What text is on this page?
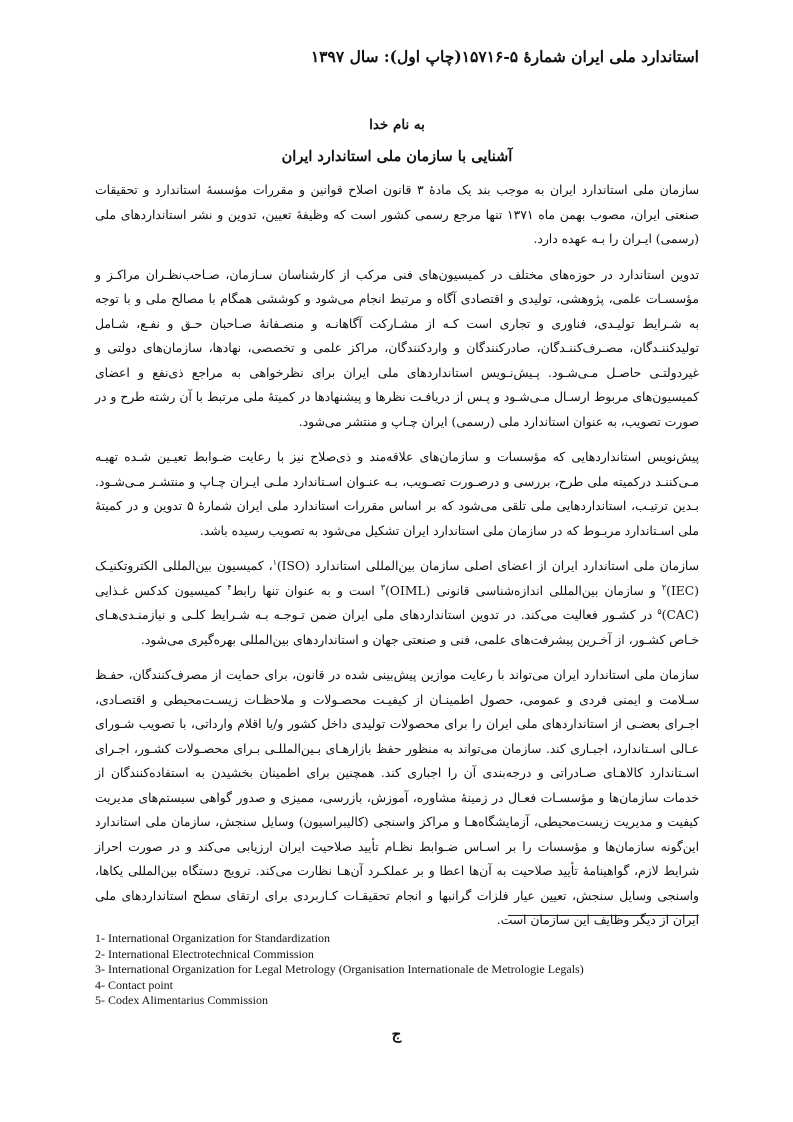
استاندارد ملی ایران شمارۀ ۵-۱۵۷۱۶(چاپ اول): سال ۱۳۹۷
به نام خدا
آشنایی با سازمان ملی استاندارد ایران

سازمان ملی استاندارد ایران به موجب بند یک مادۀ ۳ قانون اصلاح قوانین و مقررات مؤسسۀ استاندارد و تحقیقات صنعتی ایران، مصوب بهمن ماه ۱۳۷۱ تنها مرجع رسمی کشور است که وظیفۀ تعیین، تدوین و نشر استانداردهای ملی (رسمی) ایـران را بـه عهده دارد.

تدوین استاندارد در حوزه‌های مختلف در کمیسیون‌های فنی مرکب از کارشناسان سـازمان، صـاحب‌نظـران مراکـز و مؤسسـات علمی، پژوهشی، تولیدی و اقتصادی آگاه و مرتبط انجام می‌شود و کوششی همگام با مصالح ملی و با توجه به شـرایط تولیـدی، فناوری و تجاری است کـه از مشـارکت آگاهانـه و منصـفانۀ صـاحبان حـق و نفـع، شـامل تولیدکننـدگان، مصـرف‌کننـدگان، صادرکنندگان و واردکنندگان، مراکز علمی و تخصصی، نهادها، سازمان‌های دولتی و غیردولتـی حاصـل مـی‌شـود. پـیش‌نـویس استانداردهای ملی ایران برای نظرخواهی به مراجع ذی‌نفع و اعضای کمیسیون‌های مربوط ارسـال مـی‌شـود و پـس از دریافـت نظرها و پیشنهادها در کمیتۀ ملی مرتبط با آن رشته طرح و در صورت تصویب، به عنوان استاندارد ملی (رسمی) ایران چـاپ و منتشر می‌شود.

پیش‌نویس استانداردهایی که مؤسسات و سازمان‌های علاقه‌مند و ذی‌صلاح نیز با رعایت ضـوابط تعیـین شـده تهیـه مـی‌کننـد درکمیته ملی طرح، بررسی و درصـورت تصـویب، بـه عنـوان اسـتاندارد ملـی ایـران چـاپ و منتشـر مـی‌شـود. بـدین ترتیـب، استانداردهایی ملی تلقی می‌شود که بر اساس مقررات استاندارد ملی ایران شمارۀ ۵ تدوین و در کمیتۀ ملی اسـتاندارد مربـوط که در سازمان ملی استاندارد ایران تشکیل می‌شود به تصویب رسیده باشد.

سازمان ملی استاندارد ایران از اعضای اصلی سازمان بین‌المللی استاندارد (ISO)$^۱$، کمیسیون بین‌المللی الکتروتکنیـک (IEC)$^۲$ و سازمان بین‌المللی اندازه‌شناسی قانونی (OIML)$^۳$ است و به عنوان تنها رابط$^۴$ کمیسیون کدکس غـذایی (CAC)$^۵$ در کشـور فعالیت می‌کند. در تدوین استانداردهای ملی ایران ضمن تـوجـه بـه شـرایط کلـی و نیازمنـدی‌هـای خـاص کشـور، از آخـرین پیشرفت‌های علمی، فنی و صنعتی جهان و استانداردهای بین‌المللی بهره‌گیری می‌شود.

سازمان ملی استاندارد ایران می‌تواند با رعایت موازین پیش‌بینی شده در قانون، برای حمایت از مصرف‌کنندگان، حفـظ سـلامت و ایمنی فردی و عمومی، حصول اطمینـان از کیفیـت محصـولات و ملاحظـات زیسـت‌محیطی و اقتصـادی، اجـرای بعضـی از استانداردهای ملی ایران را برای محصولات تولیدی داخل کشور و/یا اقلام وارداتی، با تصویب شـورای عـالی اسـتاندارد، اجبـاری کند. سازمان می‌تواند به منظور حفظ بازارهـای بـین‌المللـی بـرای محصـولات کشـور، اجـرای اسـتاندارد کالاهـای صـادراتی و درجه‌بندی آن را اجباری کند. همچنین برای اطمینان بخشیدن به استفاده‌کنندگان از خدمات سازمان‌ها و مؤسسـات فعـال در زمینۀ مشاوره، آموزش، بازرسی، ممیزی و صدور گواهی سیستم‌های مدیریت کیفیت و مدیریت زیست‌محیطی، آزمایشگاه‌هـا و مراکز واسنجی (کالیبراسیون) وسایل سنجش، سازمان ملی استاندارد این‌گونه سازمان‌ها و مؤسسات را بر اسـاس ضـوابط نظـام تأیید صلاحیت ایران ارزیابی می‌کند و در صورت احراز شرایط لازم، گواهینامۀ تأیید صلاحیت به آن‌ها اعطا و بر عملکـرد آن‌هـا نظارت می‌کند. ترویج دستگاه بین‌المللی یکاها، واسنجی وسایل سنجش، تعیین عیار فلزات گرانبها و انجام تحقیقـات کـاربردی برای ارتقای سطح استانداردهای ملی ایران از دیگر وظایف این سازمان است.

1- International Organization for Standardization
2- International Electrotechnical Commission
3- International Organization for Legal Metrology (Organisation Internationale de Metrologie Legals)
4- Contact point
5- Codex Alimentarius Commission
ج
